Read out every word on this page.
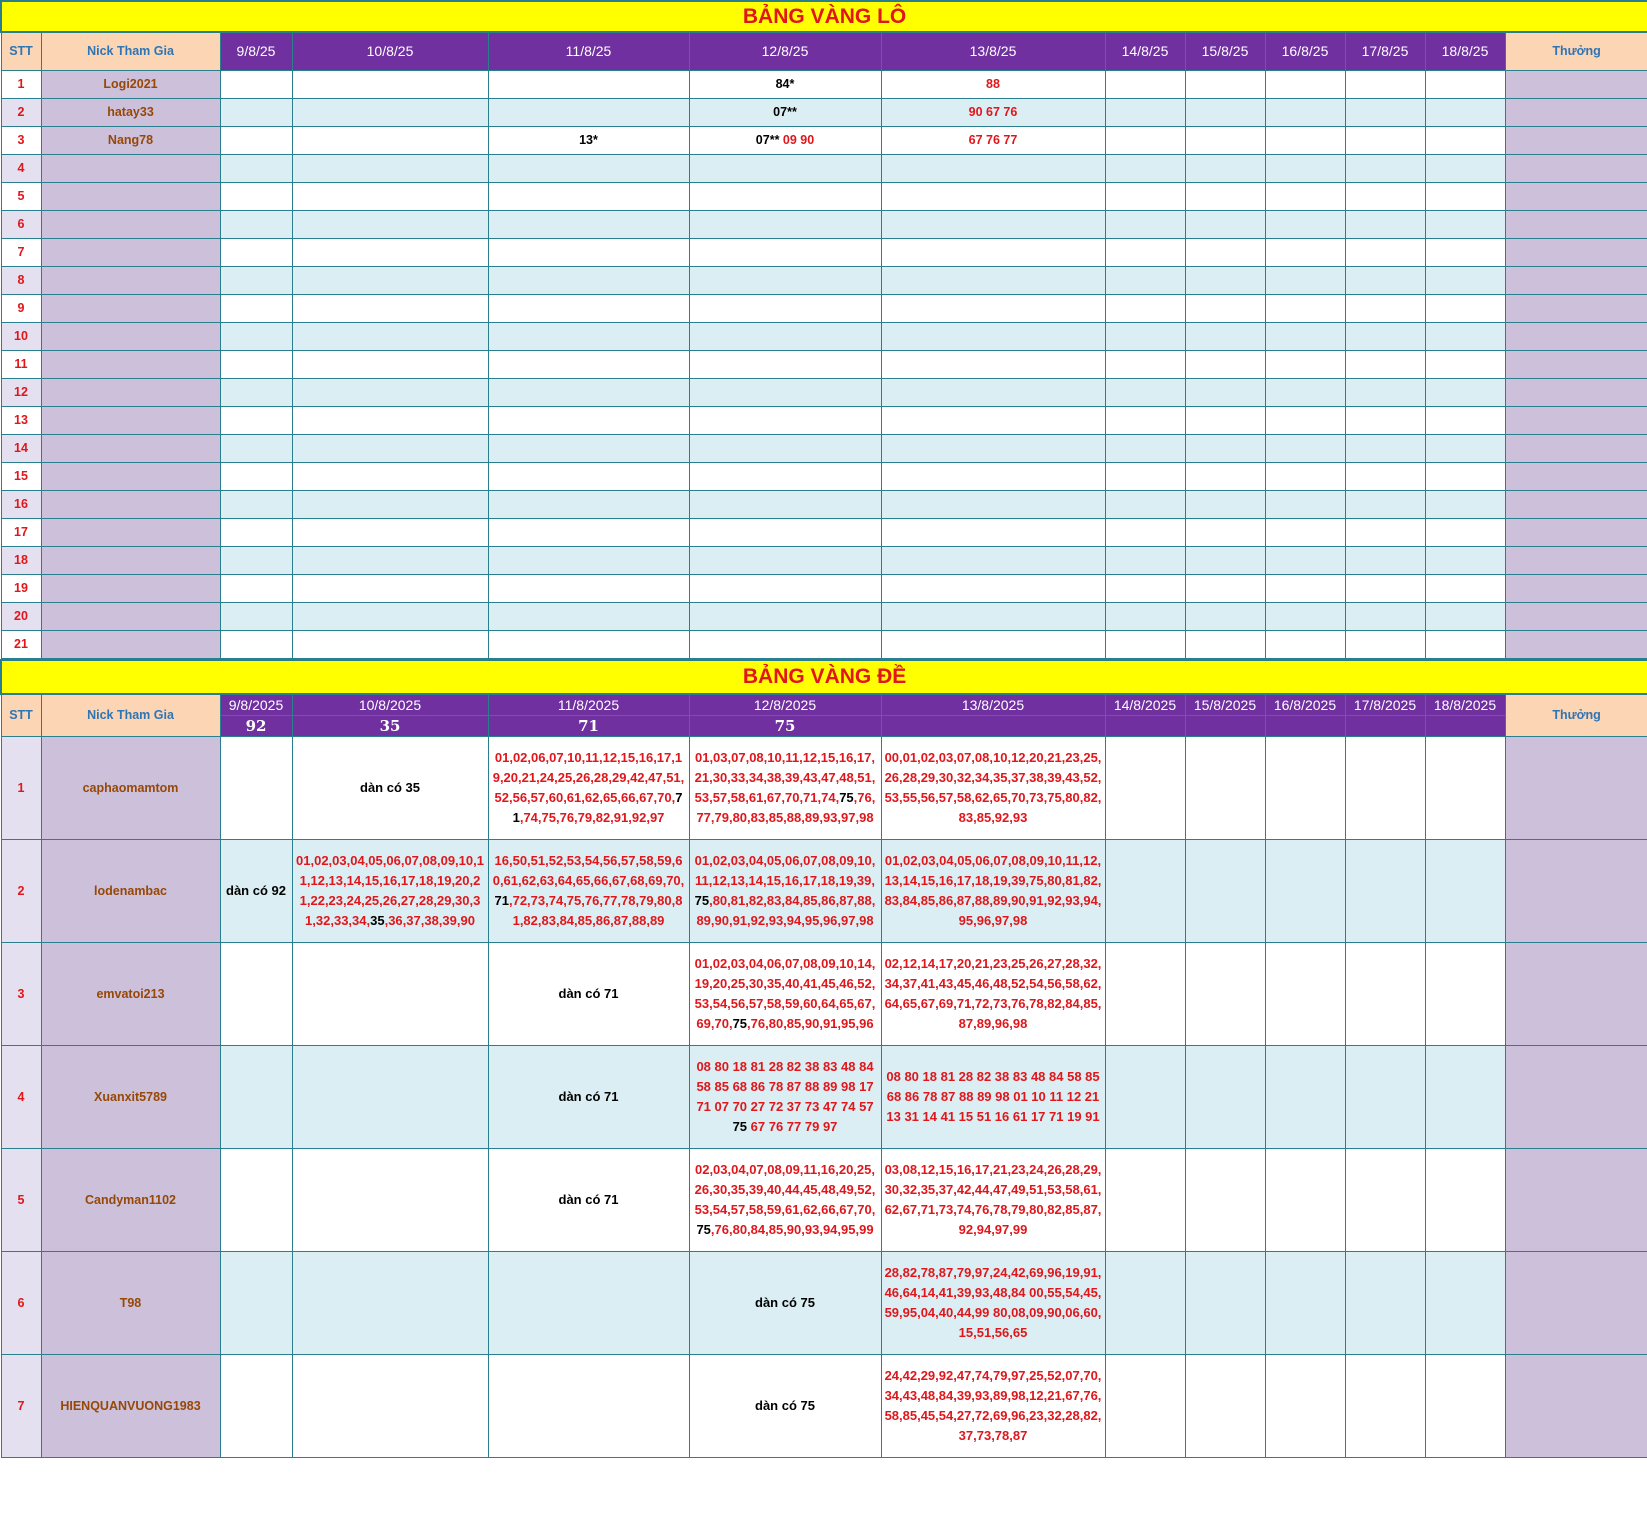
BẢNG VÀNG LÔ												
STT	Nick Tham Gia	9/8/25	10/8/25	11/8/25	12/8/25	13/8/25	14/8/25	15/8/25	16/8/25	17/8/25	18/8/25	Thưởng
1	Logi2021				84*	88						
2	hatay33				07**	90 67 76						
3	Nang78			13*	07** 09 90	67 76 77						
4												
5												
6												
7												
8												
9												
10												
11												
12												
13												
14												
15												
16												
17												
18												
19												
20												
21												
BẢNG VÀNG ĐỀ												
STT	Nick Tham Gia	9/8/2025	10/8/2025	11/8/2025	12/8/2025	13/8/2025	14/8/2025	15/8/2025	16/8/2025	17/8/2025	18/8/2025	Thưởng
		92	35	71	75							
1	caphaomamtom		dàn có 35	01,02,06,07,10,11,12,15,16,17,19,20,21,24,25,26,28,29,42,47,51,52,56,57,60,61,62,65,66,67,70,71,74,75,76,79,82,91,92,97	01,03,07,08,10,11,12,15,16,17,21,30,33,34,38,39,43,47,48,51,53,57,58,61,67,70,71,74,75,76,77,79,80,83,85,88,89,93,97,98	00,01,02,03,07,08,10,12,20,21,23,25,26,28,29,30,32,34,35,37,38,39,43,52,53,55,56,57,58,62,65,70,73,75,80,82,83,85,92,93						
2	lodenambac	dàn có 92	01,02,03,04,05,06,07,08,09,10,11,12,13,14,15,16,17,18,19,20,21,22,23,24,25,26,27,28,29,30,31,32,33,34,35,36,37,38,39,90	16,50,51,52,53,54,56,57,58,59,60,61,62,63,64,65,66,67,68,69,70,71,72,73,74,75,76,77,78,79,80,81,82,83,84,85,86,87,88,89	01,02,03,04,05,06,07,08,09,10,11,12,13,14,15,16,17,18,19,39,75,80,81,82,83,84,85,86,87,88,89,90,91,92,93,94,95,96,97,98	01,02,03,04,05,06,07,08,09,10,11,12,13,14,15,16,17,18,19,39,75,80,81,82,83,84,85,86,87,88,89,90,91,92,93,94,95,96,97,98						
3	emvatoi213			dàn có 71	01,02,03,04,06,07,08,09,10,14,19,20,25,30,35,40,41,45,46,52,53,54,56,57,58,59,60,64,65,67,69,70,75,76,80,85,90,91,95,96	02,12,14,17,20,21,23,25,26,27,28,32,34,37,41,43,45,46,48,52,54,56,58,62,64,65,67,69,71,72,73,76,78,82,84,85,87,89,96,98						
4	Xuanxit5789			dàn có 71	08 80 18 81 28 82 38 83 48 84 58 85 68 86 78 87 88 89 98 17 71 07 70 27 72 37 73 47 74 57 75 67 76 77 79 97	08 80 18 81 28 82 38 83 48 84 58 85 68 86 78 87 88 89 98 01 10 11 12 21 13 31 14 41 15 51 16 61 17 71 19 91						
5	Candyman1102			dàn có 71	02,03,04,07,08,09,11,16,20,25,26,30,35,39,40,44,45,48,49,52,53,54,57,58,59,61,62,66,67,70,75,76,80,84,85,90,93,94,95,99	03,08,12,15,16,17,21,23,24,26,28,29,30,32,35,37,42,44,47,49,51,53,58,61,62,67,71,73,74,76,78,79,80,82,85,87,92,94,97,99						
6	T98				dàn có 75	28,82,78,87,79,97,24,42,69,96,19,91,46,64,14,41,39,93,48,84 00,55,54,45,59,95,04,40,44,99 80,08,09,90,06,60,15,51,56,65						
7	HIENQUANVUONG1983				dàn có 75	24,42,29,92,47,74,79,97,25,52,07,70,34,43,48,84,39,93,89,98,12,21,67,76,58,85,45,54,27,72,69,96,23,32,28,82,37,73,78,87						
